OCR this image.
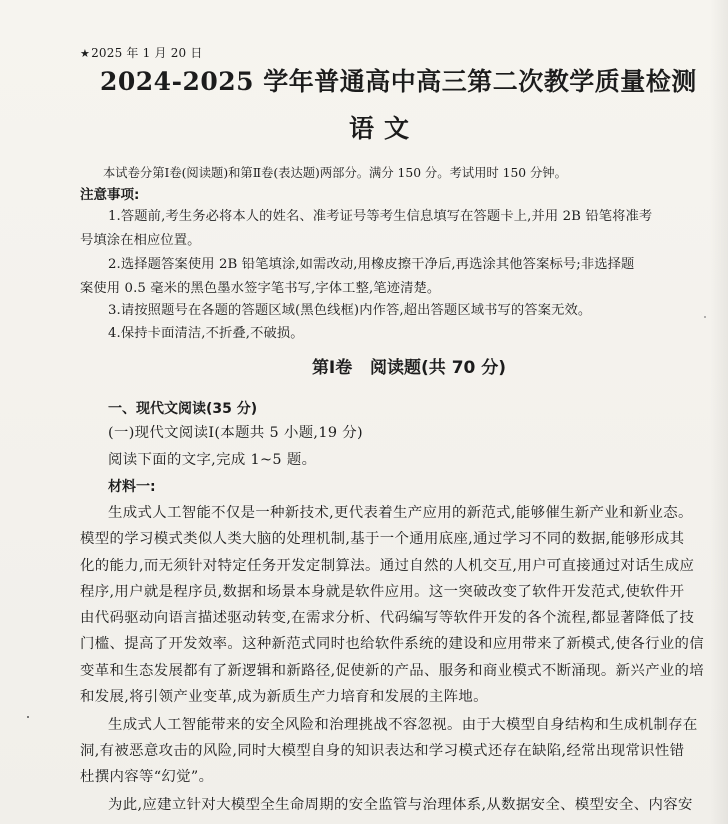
★2025 年 1 月 20 日
2024-2025 学年普通高中高三第二次教学质量检测
语文
本试卷分第Ⅰ卷(阅读题)和第Ⅱ卷(表达题)两部分。满分 150 分。考试用时 150 分钟。
注意事项:
1.答题前,考生务必将本人的姓名、准考证号等考生信息填写在答题卡上,并用 2B 铅笔将准考
号填涂在相应位置。
2.选择题答案使用 2B 铅笔填涂,如需改动,用橡皮擦干净后,再选涂其他答案标号;非选择题
案使用 0.5 毫米的黑色墨水签字笔书写,字体工整,笔迹清楚。
3.请按照题号在各题的答题区域(黑色线框)内作答,超出答题区域书写的答案无效。
4.保持卡面清洁,不折叠,不破损。
第Ⅰ卷   阅读题(共 70 分)
一、现代文阅读(35 分)
(一)现代文阅读Ⅰ(本题共 5 小题,19 分)
阅读下面的文字,完成 1~5 题。
材料一:
生成式人工智能不仅是一种新技术,更代表着生产应用的新范式,能够催生新产业和新业态。
模型的学习模式类似人类大脑的处理机制,基于一个通用底座,通过学习不同的数据,能够形成其
化的能力,而无须针对特定任务开发定制算法。通过自然的人机交互,用户可直接通过对话生成应
程序,用户就是程序员,数据和场景本身就是软件应用。这一突破改变了软件开发范式,使软件开
由代码驱动向语言描述驱动转变,在需求分析、代码编写等软件开发的各个流程,都显著降低了技
门槛、提高了开发效率。这种新范式同时也给软件系统的建设和应用带来了新模式,使各行业的信
变革和生态发展都有了新逻辑和新路径,促使新的产品、服务和商业模式不断涌现。新兴产业的培
和发展,将引领产业变革,成为新质生产力培育和发展的主阵地。
生成式人工智能带来的安全风险和治理挑战不容忽视。由于大模型自身结构和生成机制存在
洞,有被恶意攻击的风险,同时大模型自身的知识表达和学习模式还存在缺陷,经常出现常识性错
杜撰内容等“幻觉”。
为此,应建立针对大模型全生命周期的安全监管与治理体系,从数据安全、模型安全、内容安
